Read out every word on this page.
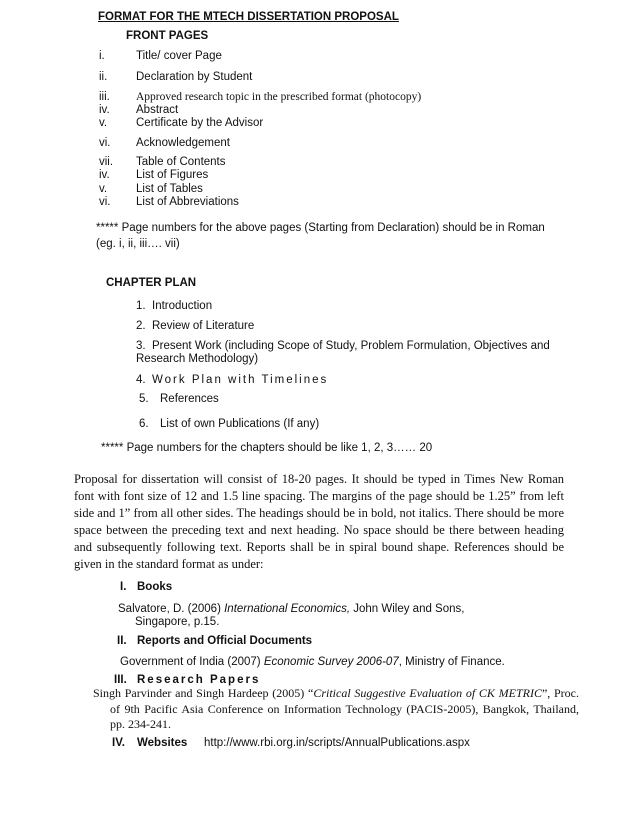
FORMAT FOR THE MTECH DISSERTATION PROPOSAL
FRONT PAGES
i.	Title/ cover Page
ii. Declaration by Student
iii. Approved research topic in the prescribed format (photocopy)
iv. Abstract
v.	Certificate by the Advisor
vi. Acknowledgement
vii. Table of Contents
iv. List of Figures
v.	List of Tables
vi. List of Abbreviations
***** Page numbers for the above pages (Starting from Declaration) should be in Roman
(eg. i, ii, iii…. vii)
CHAPTER PLAN
1. Introduction
2. Review of Literature
3. Present Work (including Scope of Study, Problem Formulation, Objectives and
Research Methodology)
4. Work Plan with Timelines
5. References
6. List of own Publications (If any)
***** Page numbers for the chapters should be like 1, 2, 3…… 20
Proposal for dissertation will consist of 18-20 pages. It should be typed in Times New Roman font with font size of 12 and 1.5 line spacing. The margins of the page should be 1.25” from left side and 1” from all other sides. The headings should be in bold, not italics. There should be more space between the preceding text and next heading. No space should be there between heading and subsequently following text. Reports shall be in spiral bound shape. References should be given in the standard format as under:
I. Books
Salvatore, D. (2006) International Economics, John Wiley and Sons,
Singapore, p.15.
II. Reports and Official Documents
Government of India (2007) Economic Survey 2006-07, Ministry of Finance.
III. Research Papers
Singh Parvinder and Singh Hardeep (2005) “Critical Suggestive Evaluation of CK METRIC”, Proc. of 9th Pacific Asia Conference on Information Technology (PACIS-2005), Bangkok, Thailand, pp. 234-241.
IV. Websites http://www.rbi.org.in/scripts/AnnualPublications.aspx
